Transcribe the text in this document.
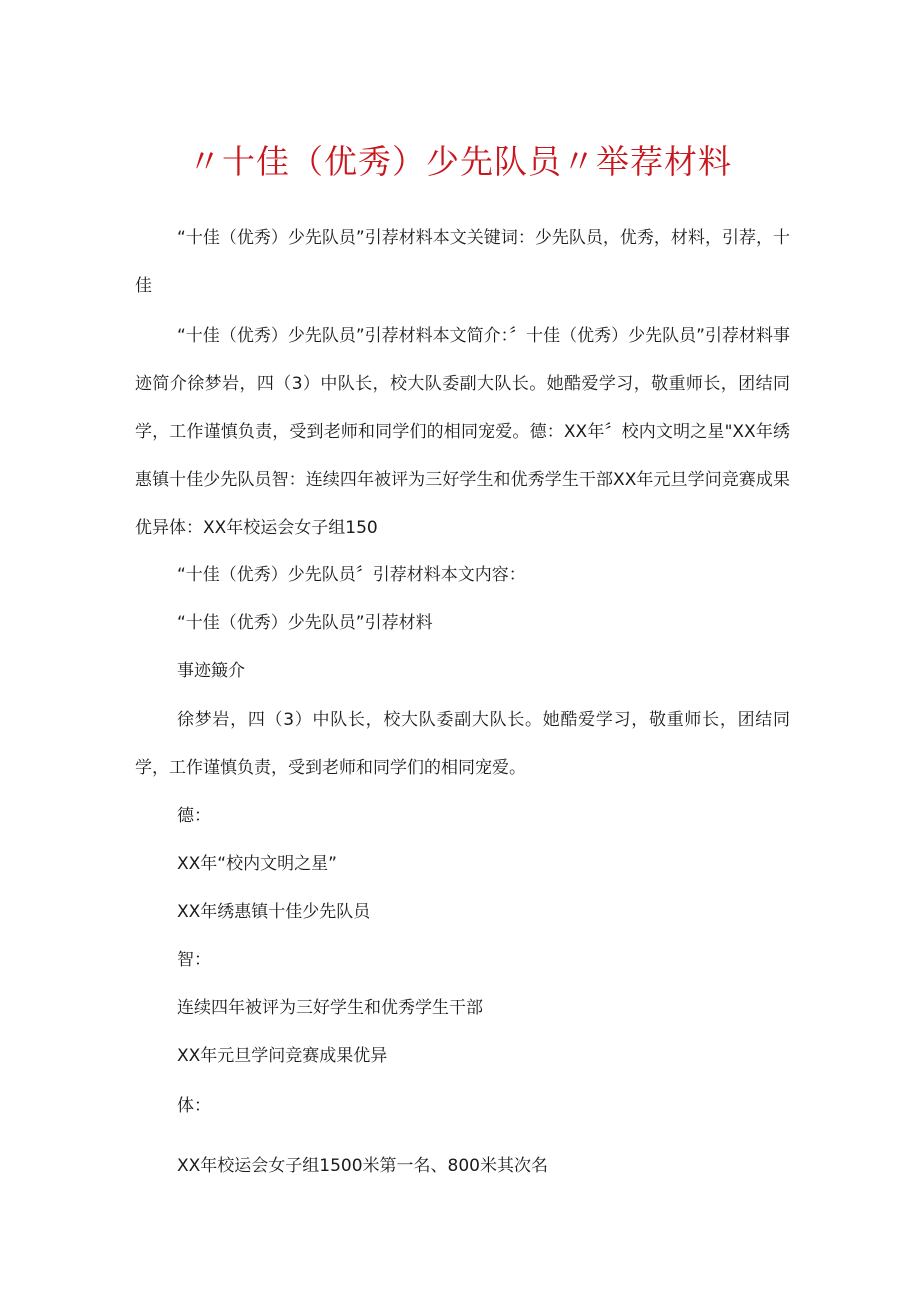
〃十佳（优秀）少先队员〃举荐材料

“十佳（优秀）少先队员”引荐材料本文关键词：少先队员，优秀，材料，引荐，十佳

“十佳（优秀）少先队员”引荐材料本文简介：〞十佳（优秀）少先队员”引荐材料事迹简介徐梦岩，四（3）中队长，校大队委副大队长。她酷爱学习，敬重师长，团结同学，工作谨慎负责，受到老师和同学们的相同宠爱。德：XX年〞校内文明之星"XX年绣惠镇十佳少先队员智：连续四年被评为三好学生和优秀学生干部XX年元旦学问竞赛成果优异体：XX年校运会女子组150

“十佳（优秀）少先队员〞引荐材料本文内容：

“十佳（优秀）少先队员”引荐材料

事迹簸介

徐梦岩，四（3）中队长，校大队委副大队长。她酷爱学习，敬重师长，团结同学，工作谨慎负责，受到老师和同学们的相同宠爱。

德：

XX年“校内文明之星”

XX年绣惠镇十佳少先队员

智：

连续四年被评为三好学生和优秀学生干部

XX年元旦学问竞赛成果优异

体：

XX年校运会女子组1500米第一名、800米其次名
